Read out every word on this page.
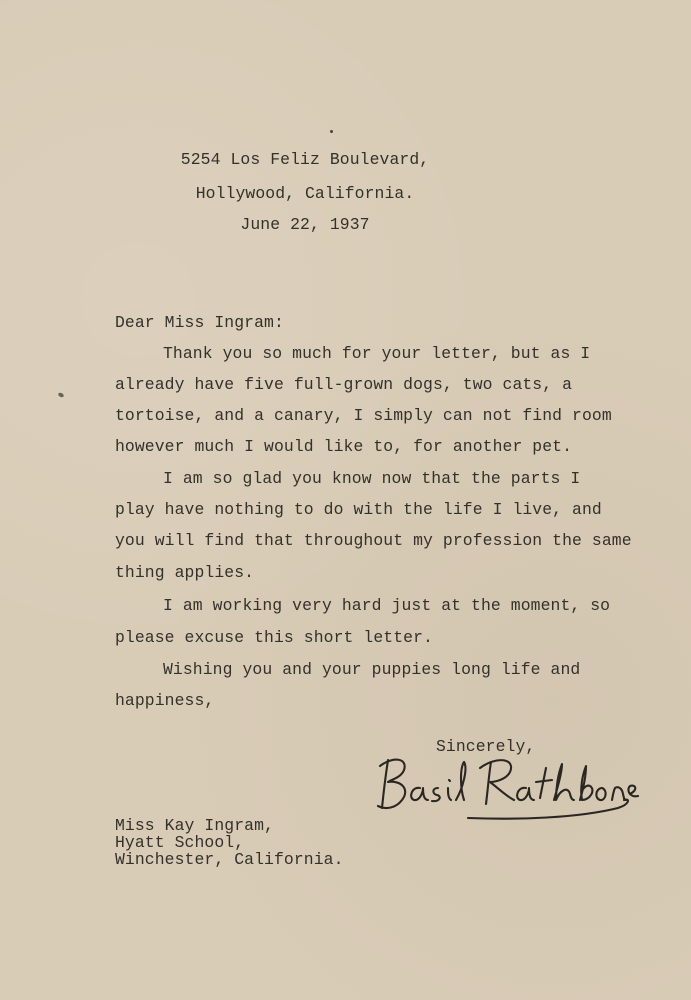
5254 Los Feliz Boulevard,
Hollywood, California.
June 22, 1937
Dear Miss Ingram:
Thank you so much for your letter, but as I
already have five full-grown dogs, two cats, a
tortoise, and a canary, I simply can not find room
however much I would like to, for another pet.
I am so glad you know now that the parts I
play have nothing to do with the life I live, and
you will find that throughout my profession the same
thing applies.
I am working very hard just at the moment, so
please excuse this short letter.
Wishing you and your puppies long life and
happiness,
Sincerely,
Miss Kay Ingram,
Hyatt School,
Winchester, California.
